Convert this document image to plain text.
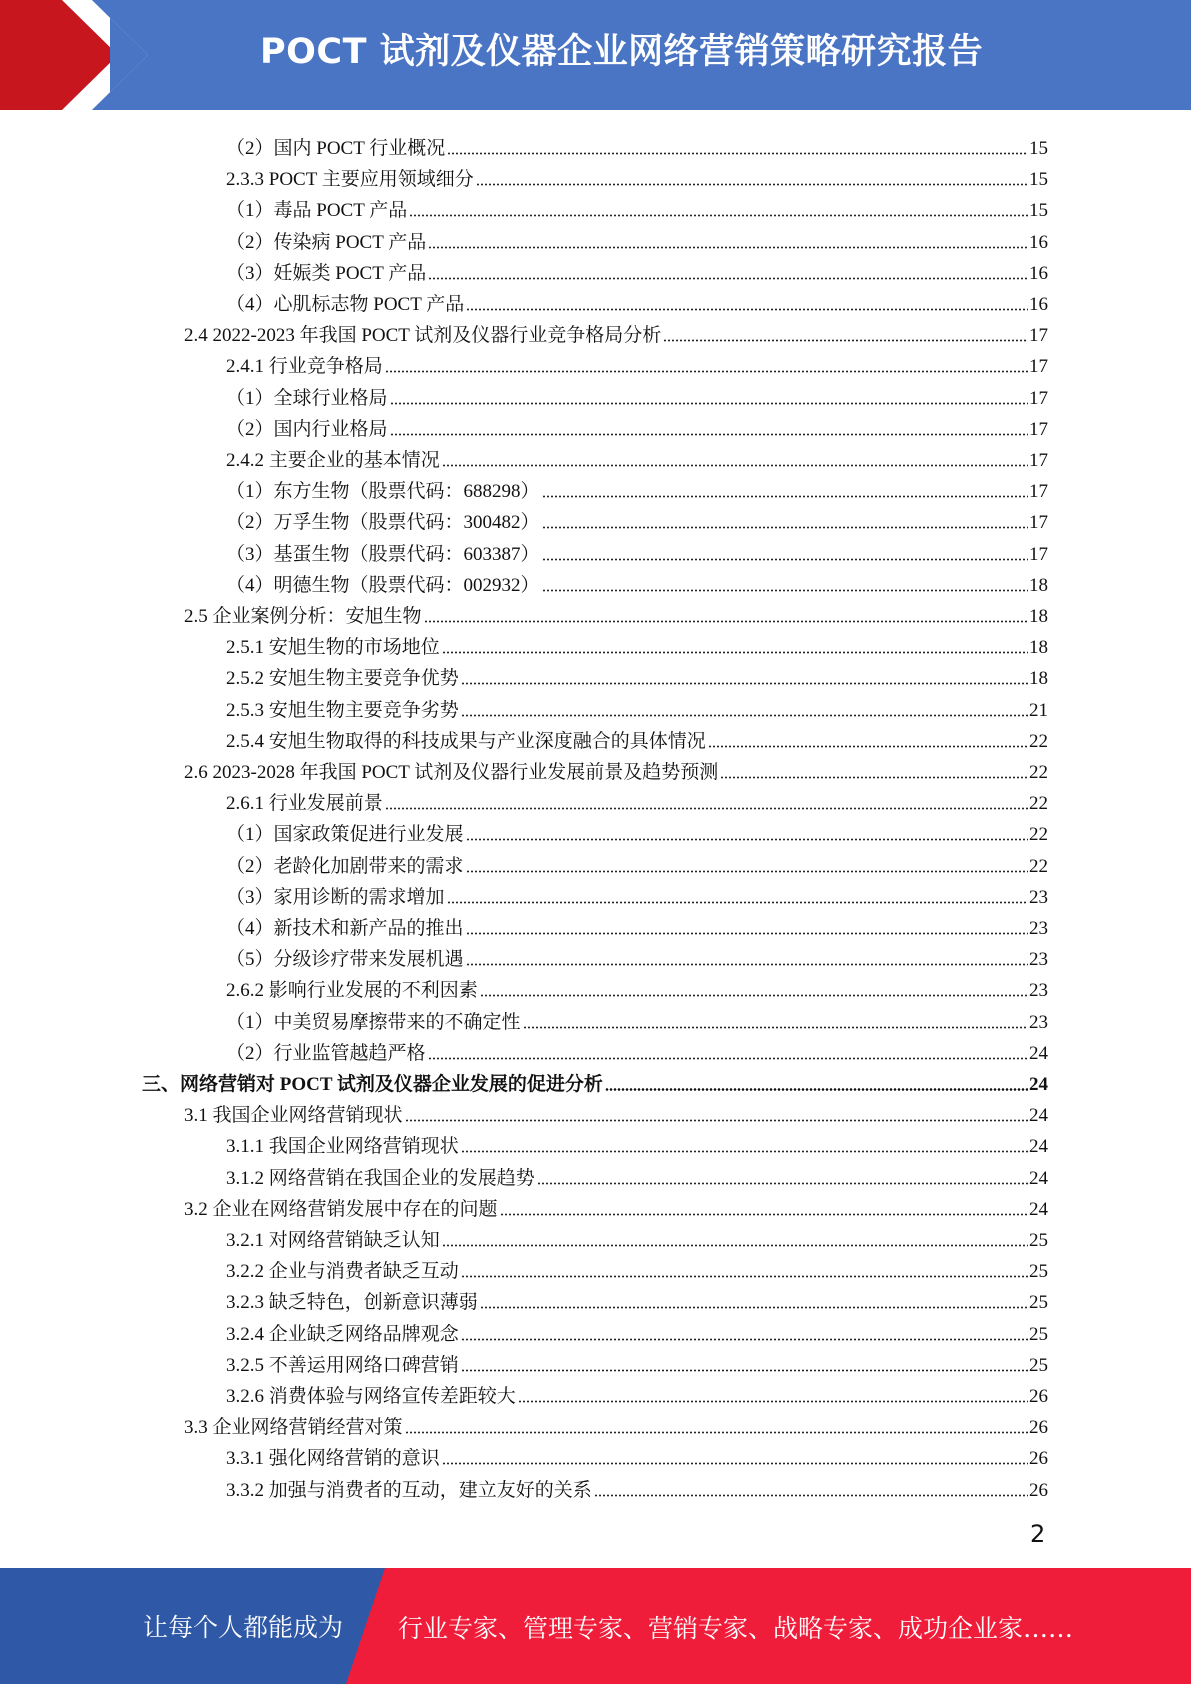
POCT 试剂及仪器企业网络营销策略研究报告
（2）国内 POCT 行业概况	15
2.3.3 POCT 主要应用领域细分	15
（1）毒品 POCT 产品	15
（2）传染病 POCT 产品	16
（3）妊娠类 POCT 产品	16
（4）心肌标志物 POCT 产品	16
2.4 2022-2023 年我国 POCT 试剂及仪器行业竞争格局分析	17
2.4.1 行业竞争格局	17
（1）全球行业格局	17
（2）国内行业格局	17
2.4.2 主要企业的基本情况	17
（1）东方生物（股票代码：688298）	17
（2）万孚生物（股票代码：300482）	17
（3）基蛋生物（股票代码：603387）	17
（4）明德生物（股票代码：002932）	18
2.5 企业案例分析：安旭生物	18
2.5.1 安旭生物的市场地位	18
2.5.2 安旭生物主要竞争优势	18
2.5.3 安旭生物主要竞争劣势	21
2.5.4 安旭生物取得的科技成果与产业深度融合的具体情况	22
2.6 2023-2028 年我国 POCT 试剂及仪器行业发展前景及趋势预测	22
2.6.1 行业发展前景	22
（1）国家政策促进行业发展	22
（2）老龄化加剧带来的需求	22
（3）家用诊断的需求增加	23
（4）新技术和新产品的推出	23
（5）分级诊疗带来发展机遇	23
2.6.2 影响行业发展的不利因素	23
（1）中美贸易摩擦带来的不确定性	23
（2）行业监管越趋严格	24
三、网络营销对 POCT 试剂及仪器企业发展的促进分析	24
3.1 我国企业网络营销现状	24
3.1.1 我国企业网络营销现状	24
3.1.2 网络营销在我国企业的发展趋势	24
3.2 企业在网络营销发展中存在的问题	24
3.2.1 对网络营销缺乏认知	25
3.2.2 企业与消费者缺乏互动	25
3.2.3 缺乏特色，创新意识薄弱	25
3.2.4 企业缺乏网络品牌观念	25
3.2.5 不善运用网络口碑营销	25
3.2.6 消费体验与网络宣传差距较大	26
3.3 企业网络营销经营对策	26
3.3.1 强化网络营销的意识	26
3.3.2 加强与消费者的互动，建立友好的关系	26
2
让每个人都能成为 行业专家、管理专家、营销专家、战略专家、成功企业家……
